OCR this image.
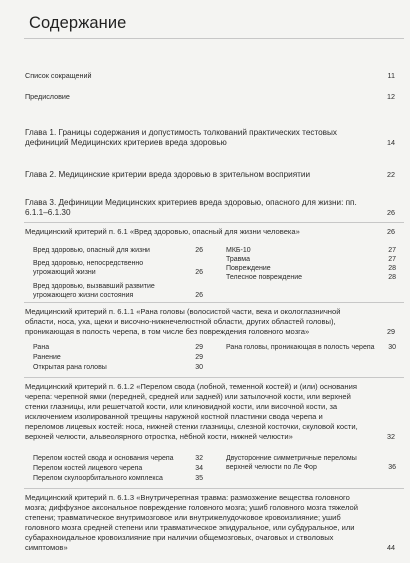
Содержание
Список сокращений	11
Предисловие	12
Глава 1. Границы содержания и допустимость толкований практических тестовых дефиниций Медицинских критериев вреда здоровью	14
Глава 2. Медицинские критерии вреда здоровью в зрительном восприятии	22
Глава 3. Дефиниции Медицинских критериев вреда здоровью, опасного для жизни: пп. 6.1.1–6.1.30	26
Медицинский критерий п. 6.1 «Вред здоровью, опасный для жизни человека»	26
Вред здоровью, опасный для жизни	26
Вред здоровью, непосредственно угрожающий жизни	26
Вред здоровью, вызвавший развитие угрожающего жизни состояния	26
МКБ-10	27
Травма	27
Повреждение	28
Телесное повреждение	28
Медицинский критерий п. 6.1.1 «Рана головы (волосистой части, века и окологлазничной области, носа, уха, щеки и височно-нижнечелюстной области, других областей головы), проникающая в полость черепа, в том числе без повреждения головного мозга»	29
Рана	29
Ранение	29
Открытая рана головы	30
Рана головы, проникающая в полость черепа	30
Медицинский критерий п. 6.1.2 «Перелом свода (лобной, теменной костей) и (или) основания черепа: черепной ямки (передней, средней или задней) или затылочной кости, или верхней стенки глазницы, или решетчатой кости, или клиновидной кости, или височной кости, за исключением изолированной трещины наружной костной пластинки свода черепа и переломов лицевых костей: носа, нижней стенки глазницы, слезной косточки, скуловой кости, верхней челюсти, альвеолярного отростка, нёбной кости, нижней челюсти»	32
Перелом костей свода и основания черепа	32
Перелом костей лицевого черепа	34
Перелом скулоорбитального комплекса	35
Двусторонние симметричные переломы верхней челюсти по Ле Фор	36
Медицинский критерий п. 6.1.3 «Внутричерепная травма: размозжение вещества головного мозга; диффузное аксональное повреждение головного мозга; ушиб головного мозга тяжелой степени; травматическое внутримозговое или внутрижелудочковое кровоизлияние; ушиб головного мозга средней степени или травматическое эпидуральное, или субдуральное, или субарахноидальное кровоизлияние при наличии общемозговых, очаговых и стволовых симптомов»	44
